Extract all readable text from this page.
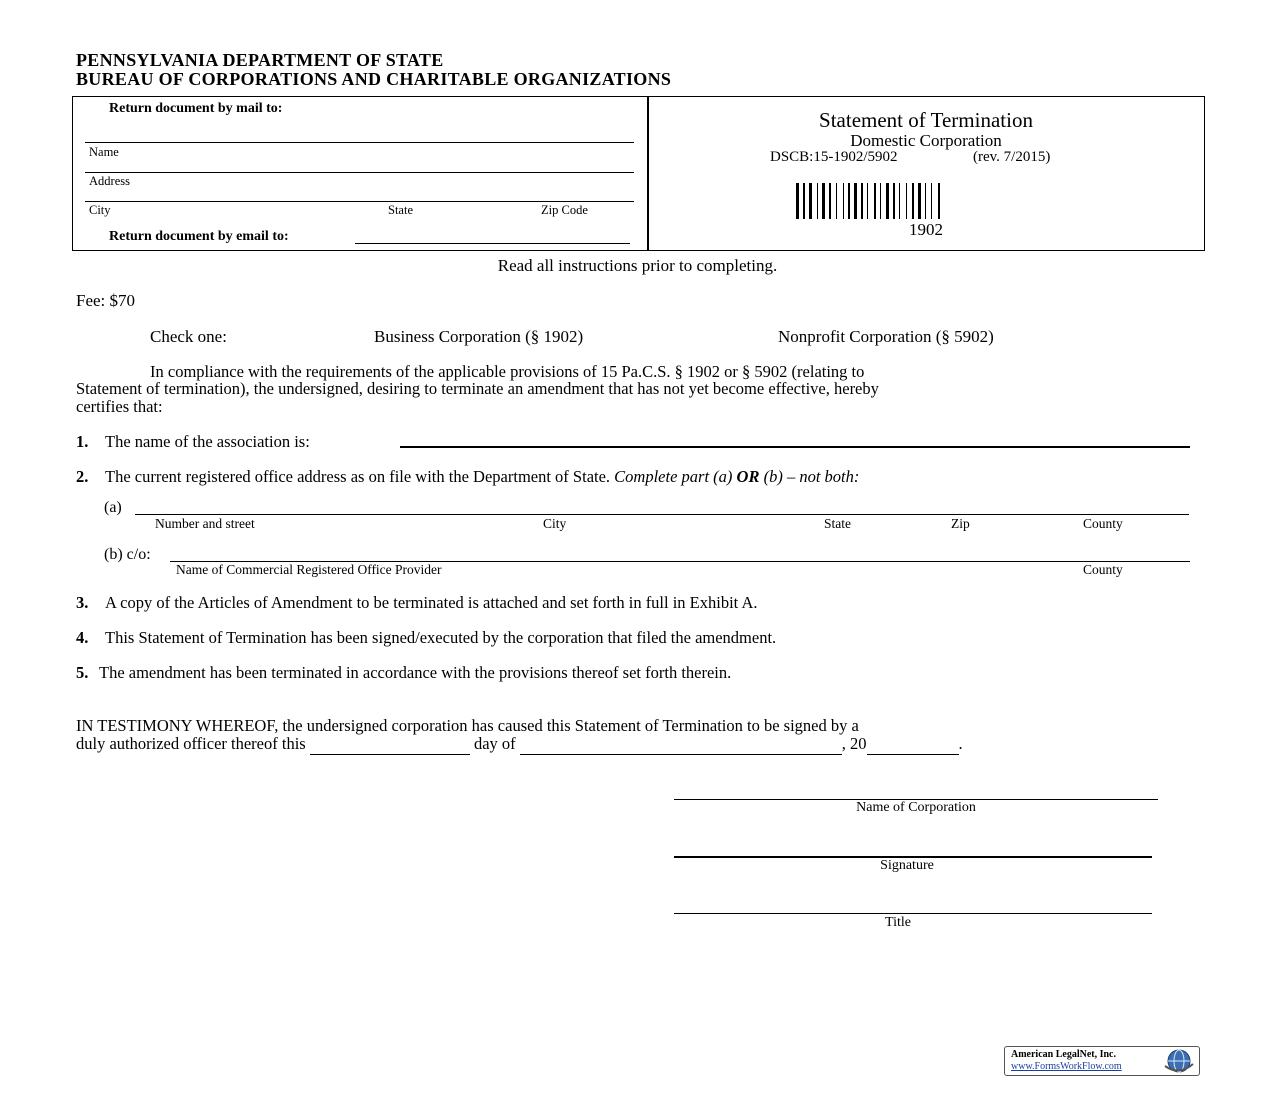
PENNSYLVANIA DEPARTMENT OF STATE
BUREAU OF CORPORATIONS AND CHARITABLE ORGANIZATIONS
Return document by mail to:
Name
Address
City	State	Zip Code
Return document by email to:
Statement of Termination
Domestic Corporation
DSCB:15-1902/5902	(rev. 7/2015)
1902
Read all instructions prior to completing.
Fee: $70
Check one:	Business Corporation (§ 1902)	Nonprofit Corporation (§ 5902)
In compliance with the requirements of the applicable provisions of 15 Pa.C.S. § 1902 or § 5902 (relating to
Statement of termination), the undersigned, desiring to terminate an amendment that has not yet become effective, hereby
certifies that:
1. The name of the association is:
2. The current registered office address as on file with the Department of State. Complete part (a) OR (b) – not both:
(a)
Number and street	City	State	Zip	County
(b) c/o:
Name of Commercial Registered Office Provider	County
3. A copy of the Articles of Amendment to be terminated is attached and set forth in full in Exhibit A.
4. This Statement of Termination has been signed/executed by the corporation that filed the amendment.
5. The amendment has been terminated in accordance with the provisions thereof set forth therein.
IN TESTIMONY WHEREOF, the undersigned corporation has caused this Statement of Termination to be signed by a
duly authorized officer thereof this	day of	, 20	.
Name of Corporation
Signature
Title
American LegalNet, Inc.
www.FormsWorkFlow.com
